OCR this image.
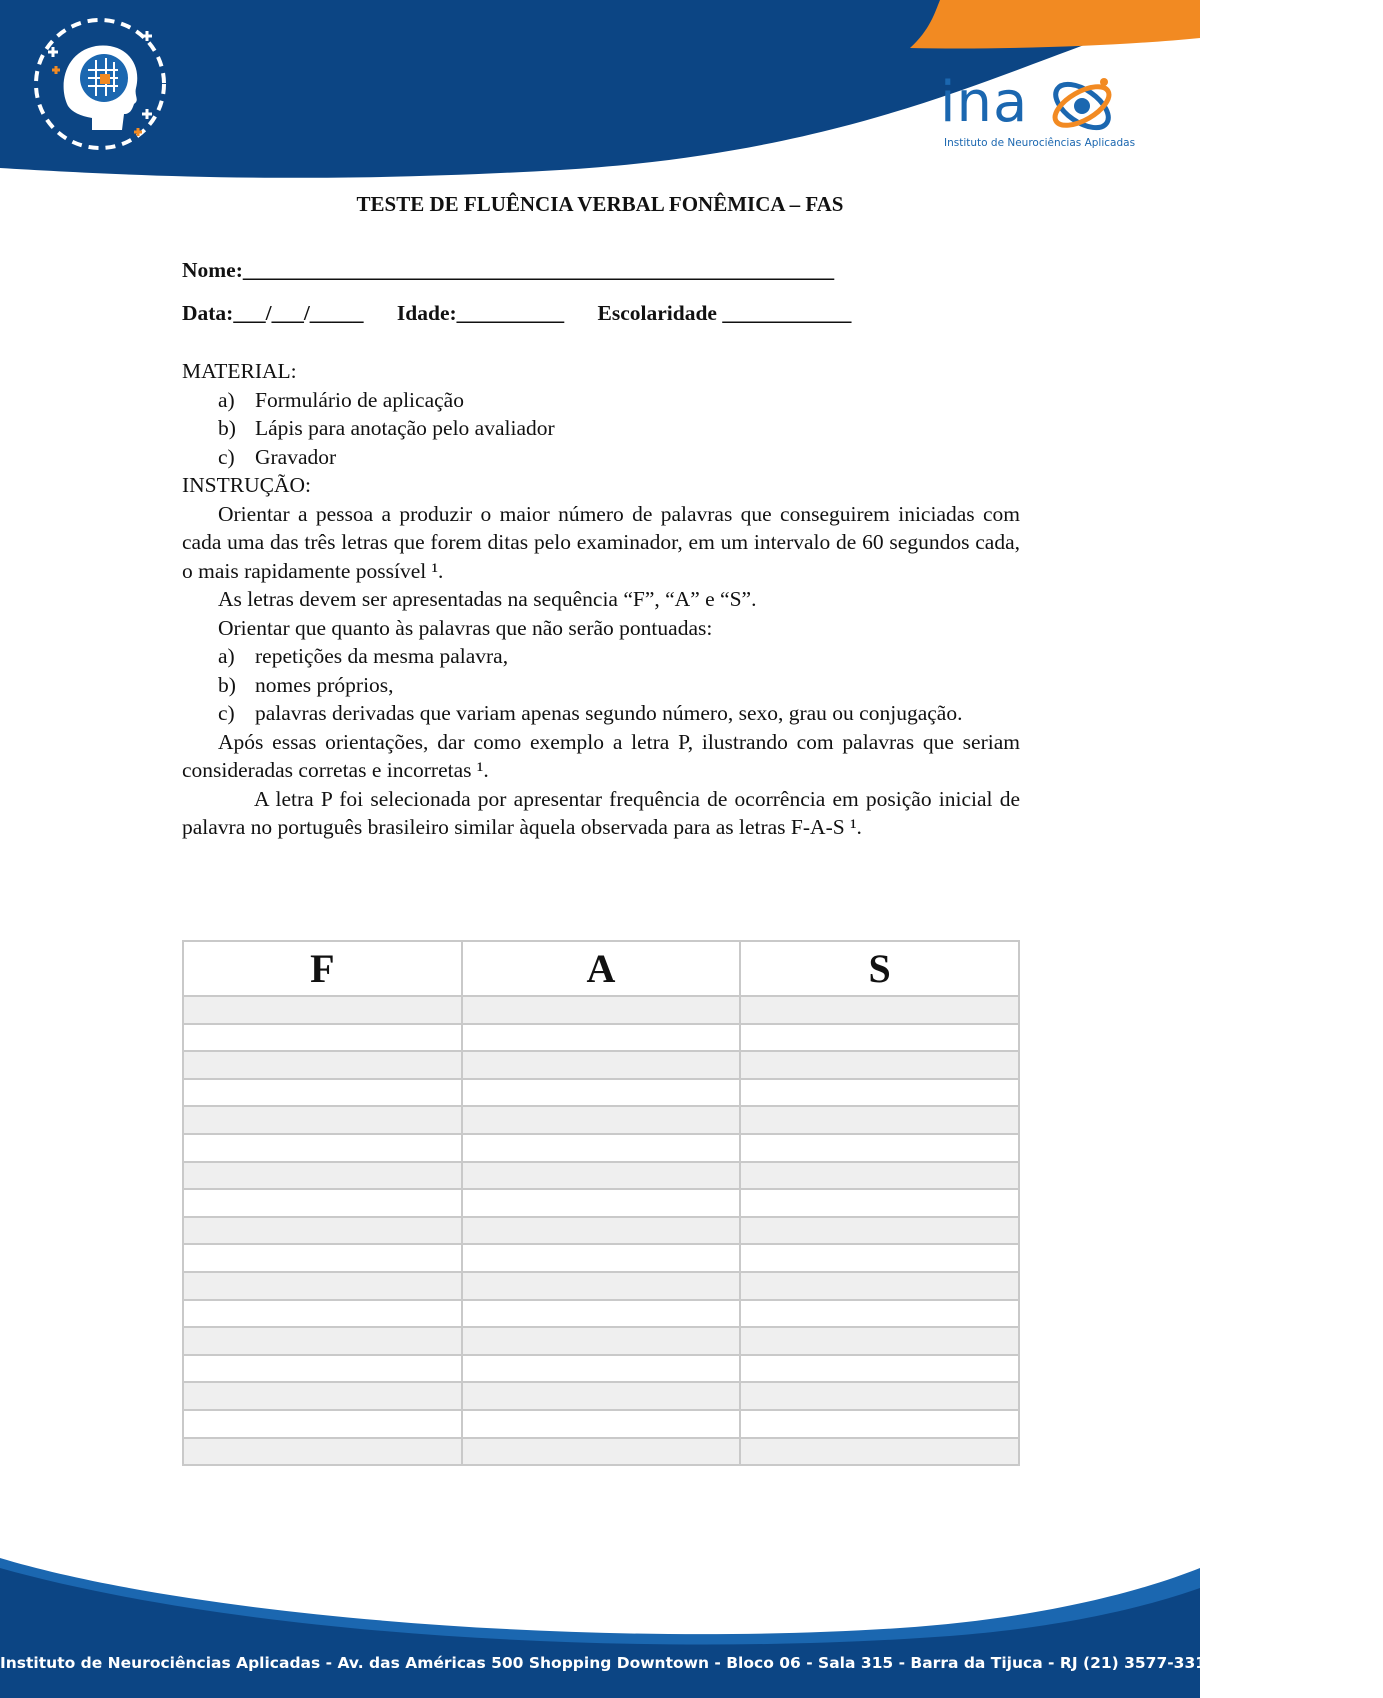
ina
Instituto de Neurociências Aplicadas
TESTE DE FLUÊNCIA VERBAL FONÊMICA – FAS
Nome:_______________________________________________________
Data:___/___/_____ Idade:__________ Escolaridade ____________
MATERIAL:
a) Formulário de aplicação
b) Lápis para anotação pelo avaliador
c) Gravador
INSTRUÇÃO:
Orientar a pessoa a produzir o maior número de palavras que conseguirem iniciadas com cada uma das três letras que forem ditas pelo examinador, em um intervalo de 60 segundos cada, o mais rapidamente possível ¹.
As letras devem ser apresentadas na sequência “F”, “A” e “S”.
Orientar que quanto às palavras que não serão pontuadas:
a) repetições da mesma palavra,
b) nomes próprios,
c) palavras derivadas que variam apenas segundo número, sexo, grau ou conjugação.
Após essas orientações, dar como exemplo a letra P, ilustrando com palavras que seriam consideradas corretas e incorretas ¹.
A letra P foi selecionada por apresentar frequência de ocorrência em posição inicial de palavra no português brasileiro similar àquela observada para as letras F-A-S ¹.
F	A	S

Instituto de Neurociências Aplicadas - Av. das Américas 500 Shopping Downtown - Bloco 06 - Sala 315 - Barra da Tijuca - RJ (21) 3577-3311 e (21) 99186-5884
